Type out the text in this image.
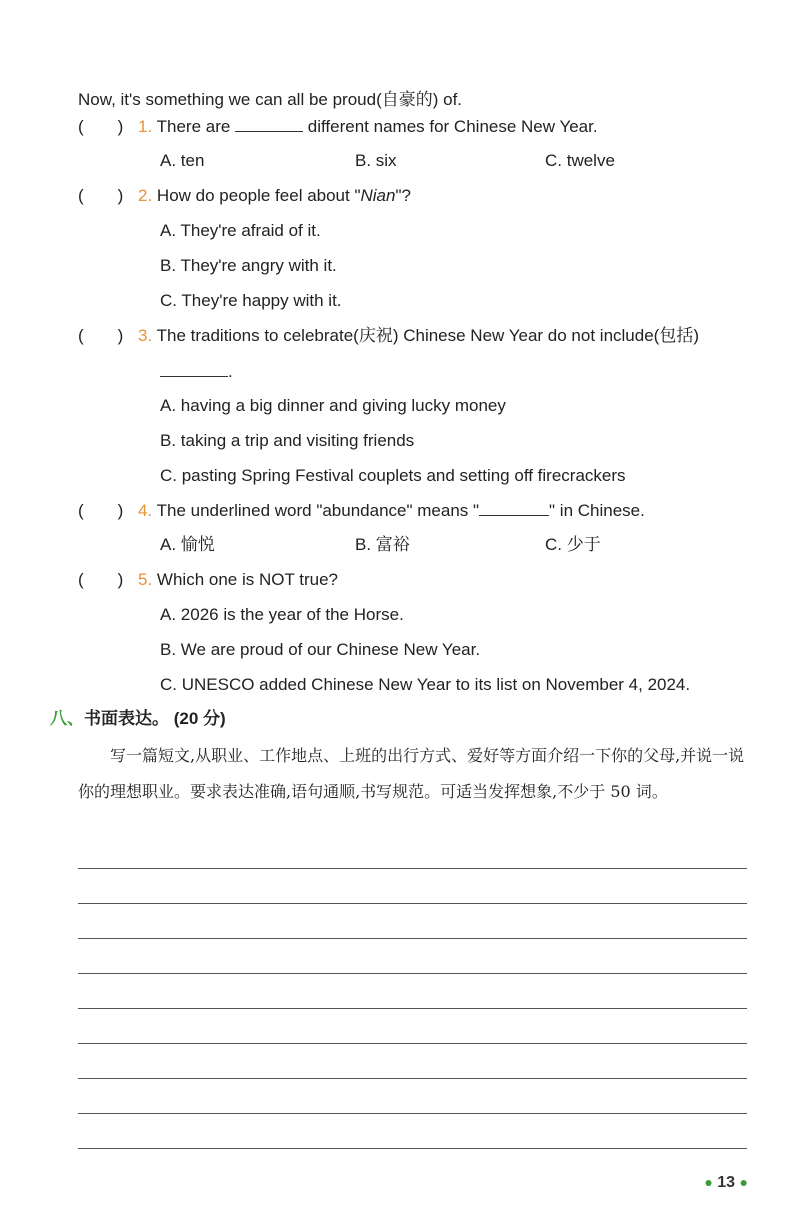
Now, it's something we can all be proud(自豪的) of.
(　　) 1. There are	different names for Chinese New Year.
A. ten	B. six	C. twelve
(　　) 2. How do people feel about "Nian"?
A. They're afraid of it.
B. They're angry with it.
C. They're happy with it.
(　　) 3. The traditions to celebrate(庆祝) Chinese New Year do not include(包括)
.
A. having a big dinner and giving lucky money
B. taking a trip and visiting friends
C. pasting Spring Festival couplets and setting off firecrackers
(　　) 4. The underlined word "abundance" means "	" in Chinese.
A. 愉悦	B. 富裕	C. 少于
(　　) 5. Which one is NOT true?
A. 2026 is the year of the Horse.
B. We are proud of our Chinese New Year.
C. UNESCO added Chinese New Year to its list on November 4, 2024.
八、书面表达。 (20 分)
写一篇短文,从职业、工作地点、上班的出行方式、爱好等方面介绍一下你的父母,并说一说你的理想职业。要求表达准确,语句通顺,书写规范。可适当发挥想象,不少于 50 词。
● 13 ●
